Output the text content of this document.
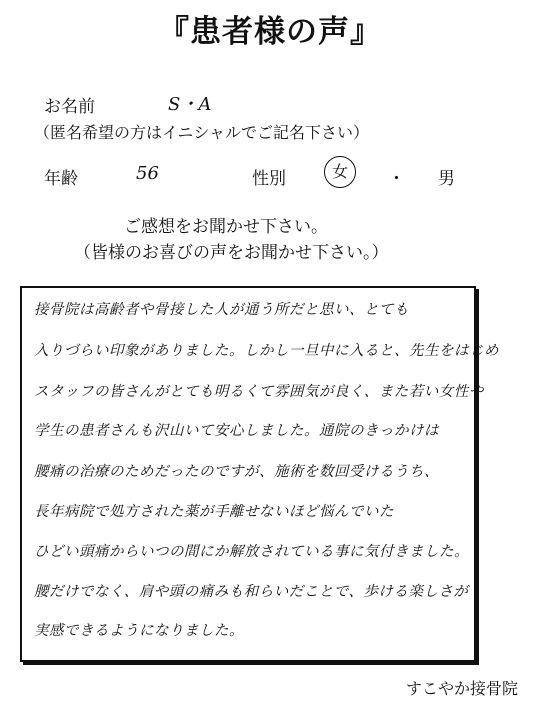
『患者様の声』
お名前	S・A
（匿名希望の方はイニシャルでご記名下さい）
年齢	56	性別	女	・ 男
ご感想をお聞かせ下さい。
（皆様のお喜びの声をお聞かせ下さい。）
接骨院は高齢者や骨接した人が通う所だと思い、とても
入りづらい印象がありました。しかし一旦中に入ると、先生をはじめ
スタッフの皆さんがとても明るくて雰囲気が良く、また若い女性や
学生の患者さんも沢山いて安心しました。通院のきっかけは
腰痛の治療のためだったのですが、施術を数回受けるうち、
長年病院で処方された薬が手離せないほど悩んでいた
ひどい頭痛からいつの間にか解放されている事に気付きました。
腰だけでなく、肩や頭の痛みも和らいだことで、歩ける楽しさが
実感できるようになりました。
すこやか接骨院
